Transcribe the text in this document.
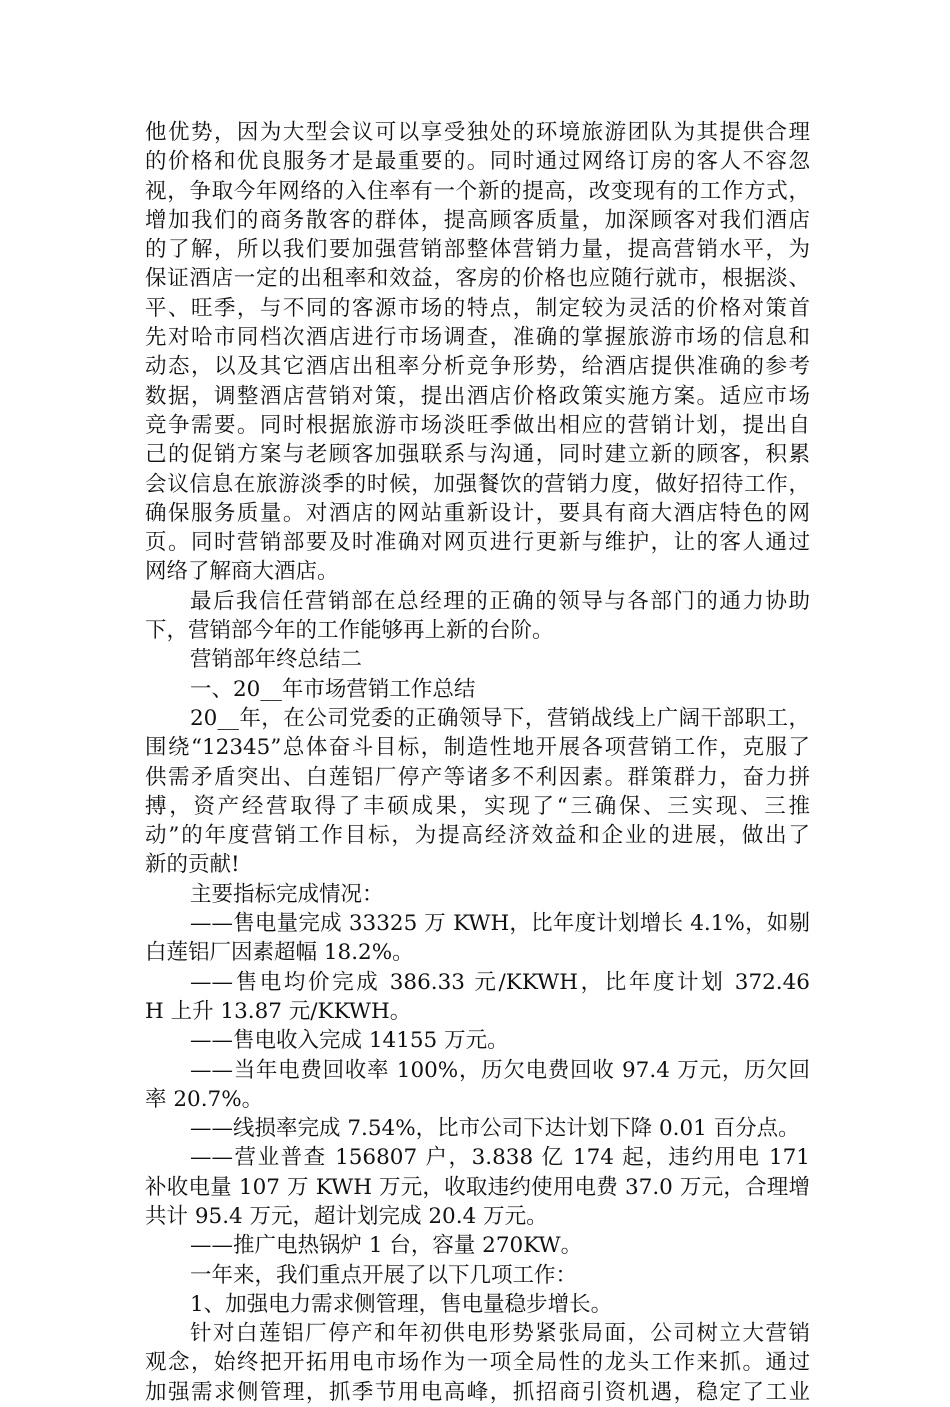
他优势，因为大型会议可以享受独处的环境旅游团队为其提供合理
的价格和优良服务才是最重要的。同时通过网络订房的客人不容忽
视，争取今年网络的入住率有一个新的提高，改变现有的工作方式，
增加我们的商务散客的群体，提高顾客质量，加深顾客对我们酒店
的了解，所以我们要加强营销部整体营销力量，提高营销水平，为
保证酒店一定的出租率和效益，客房的价格也应随行就市，根据淡、
平、旺季，与不同的客源市场的特点，制定较为灵活的价格对策首
先对哈市同档次酒店进行市场调查，准确的掌握旅游市场的信息和
动态，以及其它酒店出租率分析竞争形势，给酒店提供准确的参考
数据，调整酒店营销对策，提出酒店价格政策实施方案。适应市场
竞争需要。同时根据旅游市场淡旺季做出相应的营销计划，提出自
己的促销方案与老顾客加强联系与沟通，同时建立新的顾客，积累
会议信息在旅游淡季的时候，加强餐饮的营销力度，做好招待工作，
确保服务质量。对酒店的网站重新设计，要具有商大酒店特色的网
页。同时营销部要及时准确对网页进行更新与维护，让的客人通过
网络了解商大酒店。
最后我信任营销部在总经理的正确的领导与各部门的通力协助
下，营销部今年的工作能够再上新的台阶。
营销部年终总结二
一、20__年市场营销工作总结
20__年，在公司党委的正确领导下，营销战线上广阔干部职工，
围绕“12345”总体奋斗目标，制造性地开展各项营销工作，克服了
供需矛盾突出、白莲铝厂停产等诸多不利因素。群策群力，奋力拼
搏，资产经营取得了丰硕成果，实现了“三确保、三实现、三推
动”的年度营销工作目标，为提高经济效益和企业的进展，做出了
新的贡献!
主要指标完成情况：
——售电量完成 33325 万 KWH，比年度计划增长 4.1%，如剔
白莲铝厂因素超幅 18.2%。
——售电均价完成 386.33 元/KKWH，比年度计划 372.46
H 上升 13.87 元/KKWH。
——售电收入完成 14155 万元。
——当年电费回收率 100%，历欠电费回收 97.4 万元，历欠回
率 20.7%。
——线损率完成 7.54%，比市公司下达计划下降 0.01 百分点。
——营业普查 156807 户，3.838 亿 174 起，违约用电 171
补收电量 107 万 KWH 万元，收取违约使用电费 37.0 万元，合理增
共计 95.4 万元，超计划完成 20.4 万元。
——推广电热锅炉 1 台，容量 270KW。
一年来，我们重点开展了以下几项工作：
1、加强电力需求侧管理，售电量稳步增长。
针对白莲铝厂停产和年初供电形势紧张局面，公司树立大营销
观念，始终把开拓用电市场作为一项全局性的龙头工作来抓。通过
加强需求侧管理，抓季节用电高峰，抓招商引资机遇，稳定了工业
